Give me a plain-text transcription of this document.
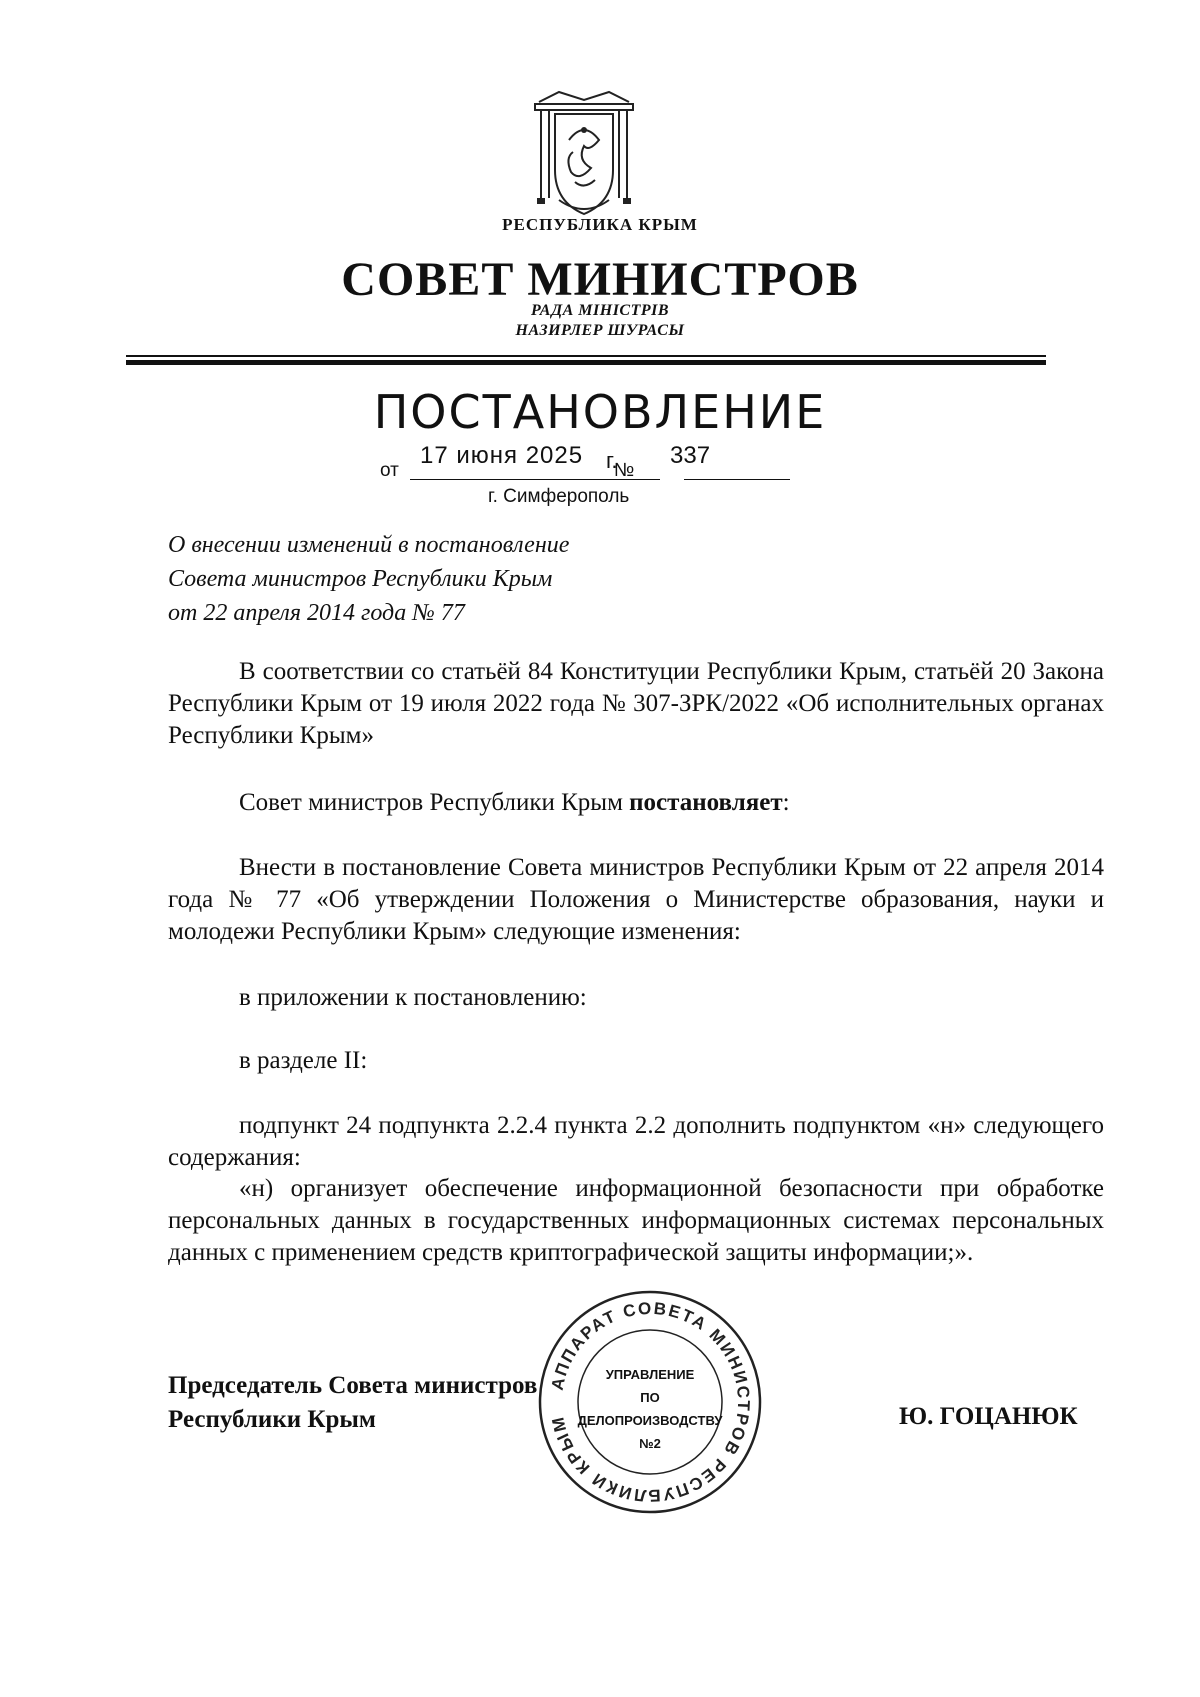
РЕСПУБЛИКА КРЫМ
СОВЕТ МИНИСТРОВ
РАДА МІНІСТРІВ
НАЗИРЛЕР ШУРАСЫ
ПОСТАНОВЛЕНИЕ
от
17 июня 2025 г.
№
337
г. Симферополь
О внесении изменений в постановление
Совета министров Республики Крым
от 22 апреля 2014 года № 77
В соответствии со статьёй 84 Конституции Республики Крым, статьёй 20 Закона Республики Крым от 19 июля 2022 года № 307-ЗРК/2022 «Об исполнительных органах Республики Крым»
Совет министров Республики Крым постановляет:
Внести в постановление Совета министров Республики Крым от 22 апреля 2014 года № 77 «Об утверждении Положения о Министерстве образования, науки и молодежи Республики Крым» следующие изменения:
в приложении к постановлению:
в разделе II:
подпункт 24 подпункта 2.2.4 пункта 2.2 дополнить подпунктом «н» следующего содержания:
«н) организует обеспечение информационной безопасности при обработке персональных данных в государственных информационных системах персональных данных с применением средств криптографической защиты информации;».
Председатель Совета министров
Республики Крым	Ю. ГОЦАНЮК
АППАРАТ СОВЕТА МИНИСТРОВ РЕСПУБЛИКИ КРЫМ
УПРАВЛЕНИЕ
ПО
ДЕЛОПРОИЗВОДСТВУ
№2
